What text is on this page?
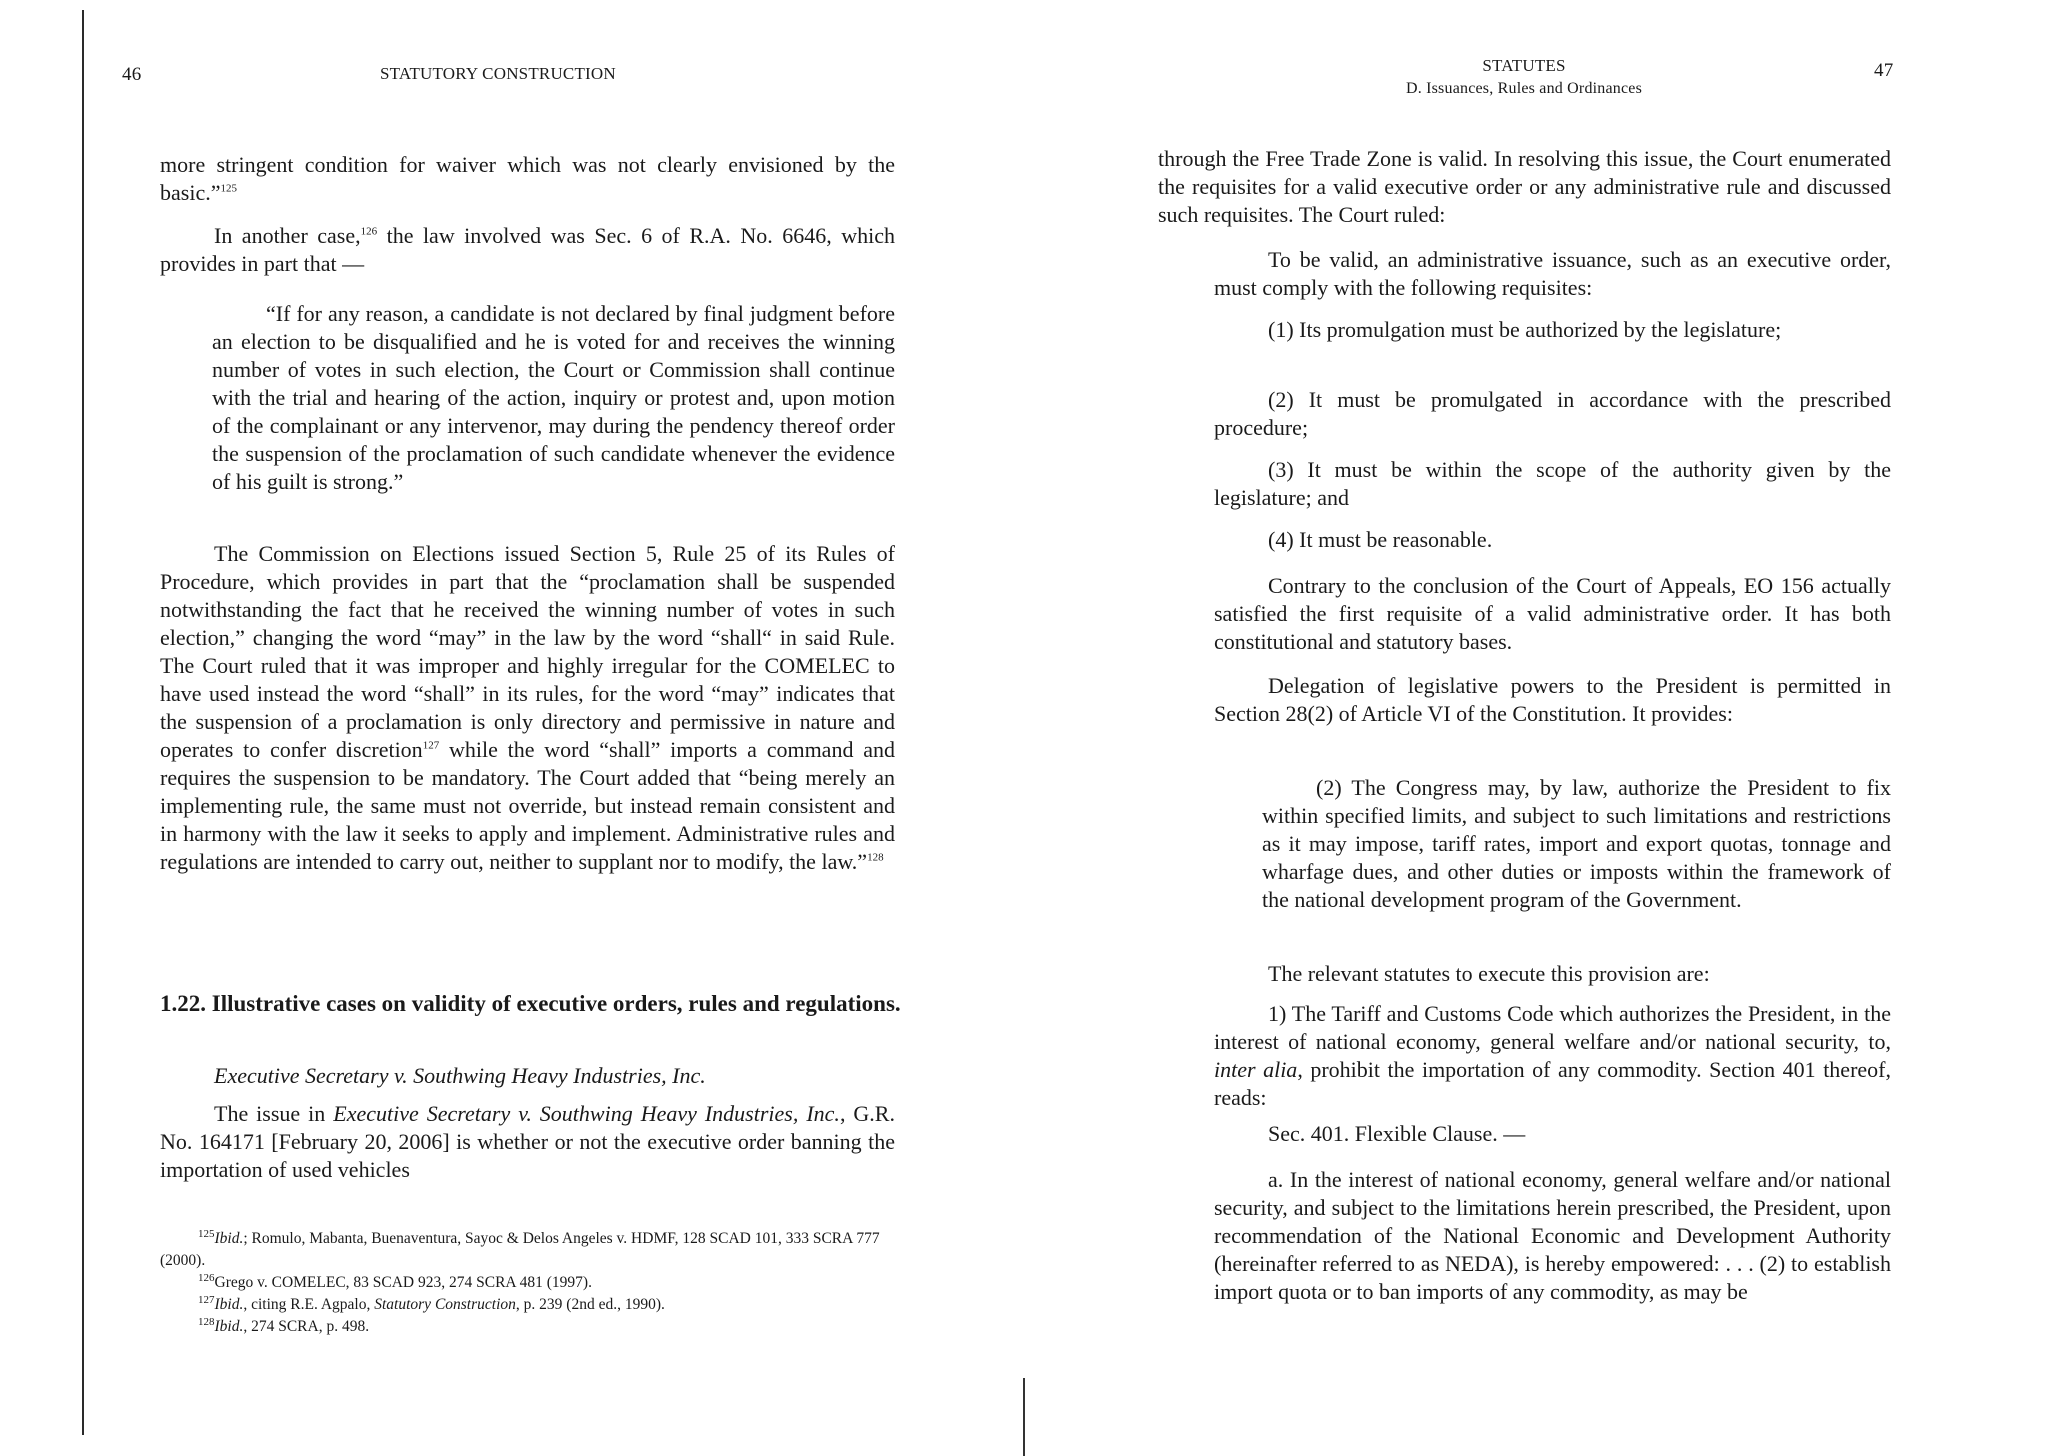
46	STATUTORY CONSTRUCTION

more stringent condition for waiver which was not clearly envisioned by the basic.”$^{125}$

In another case,$^{126}$ the law involved was Sec. 6 of R.A. No. 6646, which provides in part that —

“If for any reason, a candidate is not declared by final judgment before an election to be disqualified and he is voted for and receives the winning number of votes in such election, the Court or Commission shall continue with the trial and hearing of the action, inquiry or protest and, upon motion of the complainant or any intervenor, may during the pendency thereof order the suspension of the proclamation of such candidate whenever the evidence of his guilt is strong.”

The Commission on Elections issued Section 5, Rule 25 of its Rules of Procedure, which provides in part that the “proclamation shall be suspended notwithstanding the fact that he received the winning number of votes in such election,” changing the word “may” in the law by the word “shall“ in said Rule. The Court ruled that it was improper and highly irregular for the COMELEC to have used instead the word “shall” in its rules, for the word “may” indicates that the suspension of a proclamation is only directory and permissive in nature and operates to confer discretion$^{127}$ while the word “shall” imports a command and requires the suspension to be mandatory. The Court added that “being merely an implementing rule, the same must not override, but instead remain consistent and in harmony with the law it seeks to apply and implement. Administrative rules and regulations are intended to carry out, neither to supplant nor to modify, the law.”$^{128}$

1.22. Illustrative cases on validity of executive orders, rules and regulations.

Executive Secretary v. Southwing Heavy Industries, Inc.

The issue in Executive Secretary v. Southwing Heavy Industries, Inc., G.R. No. 164171 [February 20, 2006] is whether or not the executive order banning the importation of used vehicles

$^{125}$Ibid.; Romulo, Mabanta, Buenaventura, Sayoc & Delos Angeles v. HDMF, 128 SCAD 101, 333 SCRA 777 (2000).

$^{126}$Grego v. COMELEC, 83 SCAD 923, 274 SCRA 481 (1997).

$^{127}$Ibid., citing R.E. Agpalo, Statutory Construction, p. 239 (2nd ed., 1990).

$^{128}$Ibid., 274 SCRA, p. 498.

STATUTES
D. Issuances, Rules and Ordinances
47

through the Free Trade Zone is valid. In resolving this issue, the Court enumerated the requisites for a valid executive order or any administrative rule and discussed such requisites. The Court ruled:

To be valid, an administrative issuance, such as an executive order, must comply with the following requisites:

(1) Its promulgation must be authorized by the legislature;

(2) It must be promulgated in accordance with the prescribed procedure;

(3) It must be within the scope of the authority given by the legislature; and

(4) It must be reasonable.

Contrary to the conclusion of the Court of Appeals, EO 156 actually satisfied the first requisite of a valid administrative order. It has both constitutional and statutory bases.

Delegation of legislative powers to the President is permitted in Section 28(2) of Article VI of the Constitution. It provides:

(2) The Congress may, by law, authorize the President to fix within specified limits, and subject to such limitations and restrictions as it may impose, tariff rates, import and export quotas, tonnage and wharfage dues, and other duties or imposts within the framework of the national development program of the Government.

The relevant statutes to execute this provision are:

1) The Tariff and Customs Code which authorizes the President, in the interest of national economy, general welfare and/or national security, to, inter alia, prohibit the importation of any commodity. Section 401 thereof, reads:

Sec. 401. Flexible Clause. —

a. In the interest of national economy, general welfare and/or national security, and subject to the limitations herein prescribed, the President, upon recommendation of the National Economic and Development Authority (hereinafter referred to as NEDA), is hereby empowered: . . . (2) to establish import quota or to ban imports of any commodity, as may be
